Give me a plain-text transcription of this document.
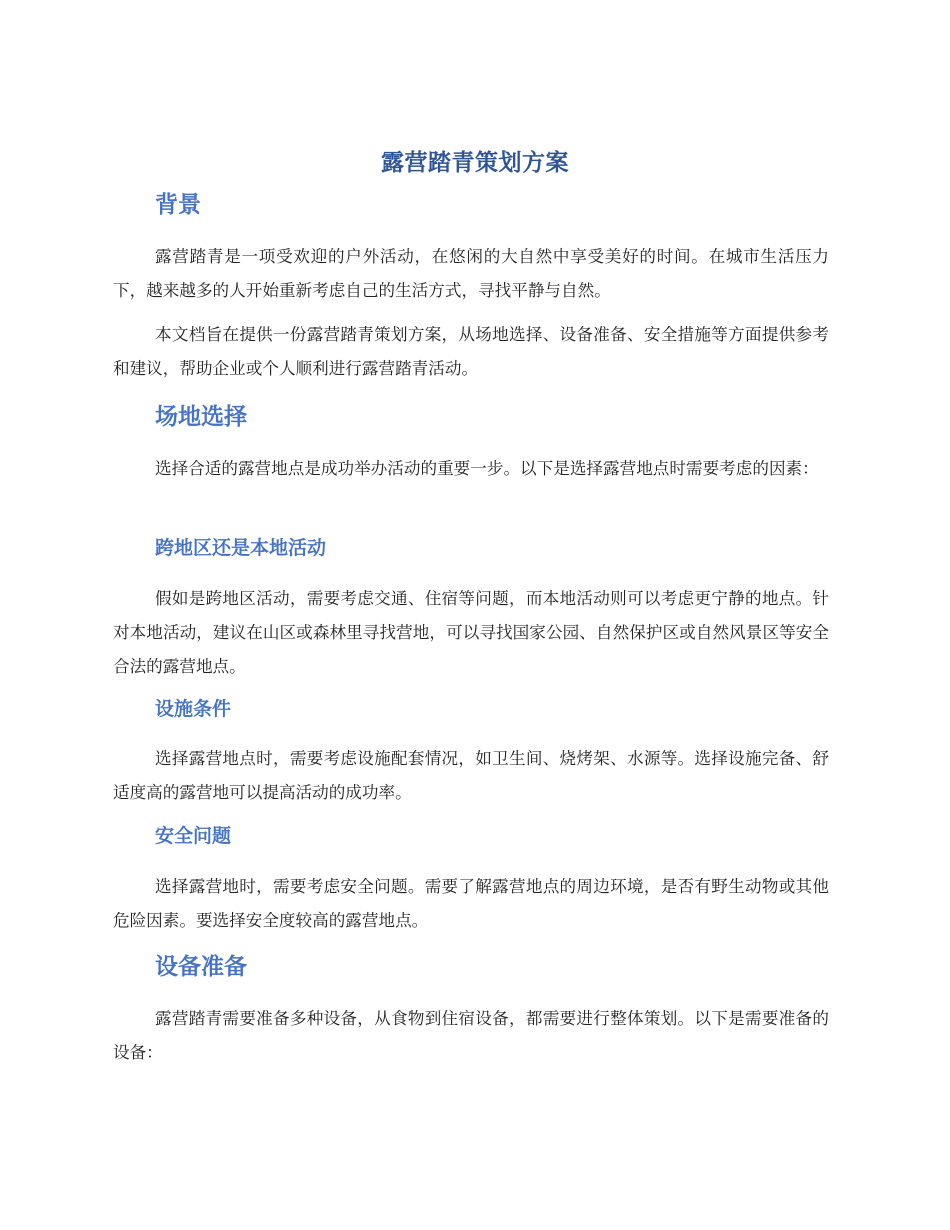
露营踏青策划方案
背景

露营踏青是一项受欢迎的户外活动，在悠闲的大自然中享受美好的时间。在城市生活压力下，越来越多的人开始重新考虑自己的生活方式，寻找平静与自然。

本文档旨在提供一份露营踏青策划方案，从场地选择、设备准备、安全措施等方面提供参考和建议，帮助企业或个人顺利进行露营踏青活动。

场地选择

选择合适的露营地点是成功举办活动的重要一步。以下是选择露营地点时需要考虑的因素：

跨地区还是本地活动

假如是跨地区活动，需要考虑交通、住宿等问题，而本地活动则可以考虑更宁静的地点。针对本地活动，建议在山区或森林里寻找营地，可以寻找国家公园、自然保护区或自然风景区等安全合法的露营地点。

设施条件

选择露营地点时，需要考虑设施配套情况，如卫生间、烧烤架、水源等。选择设施完备、舒适度高的露营地可以提高活动的成功率。

安全问题

选择露营地时，需要考虑安全问题。需要了解露营地点的周边环境，是否有野生动物或其他危险因素。要选择安全度较高的露营地点。

设备准备

露营踏青需要准备多种设备，从食物到住宿设备，都需要进行整体策划。以下是需要准备的设备：
